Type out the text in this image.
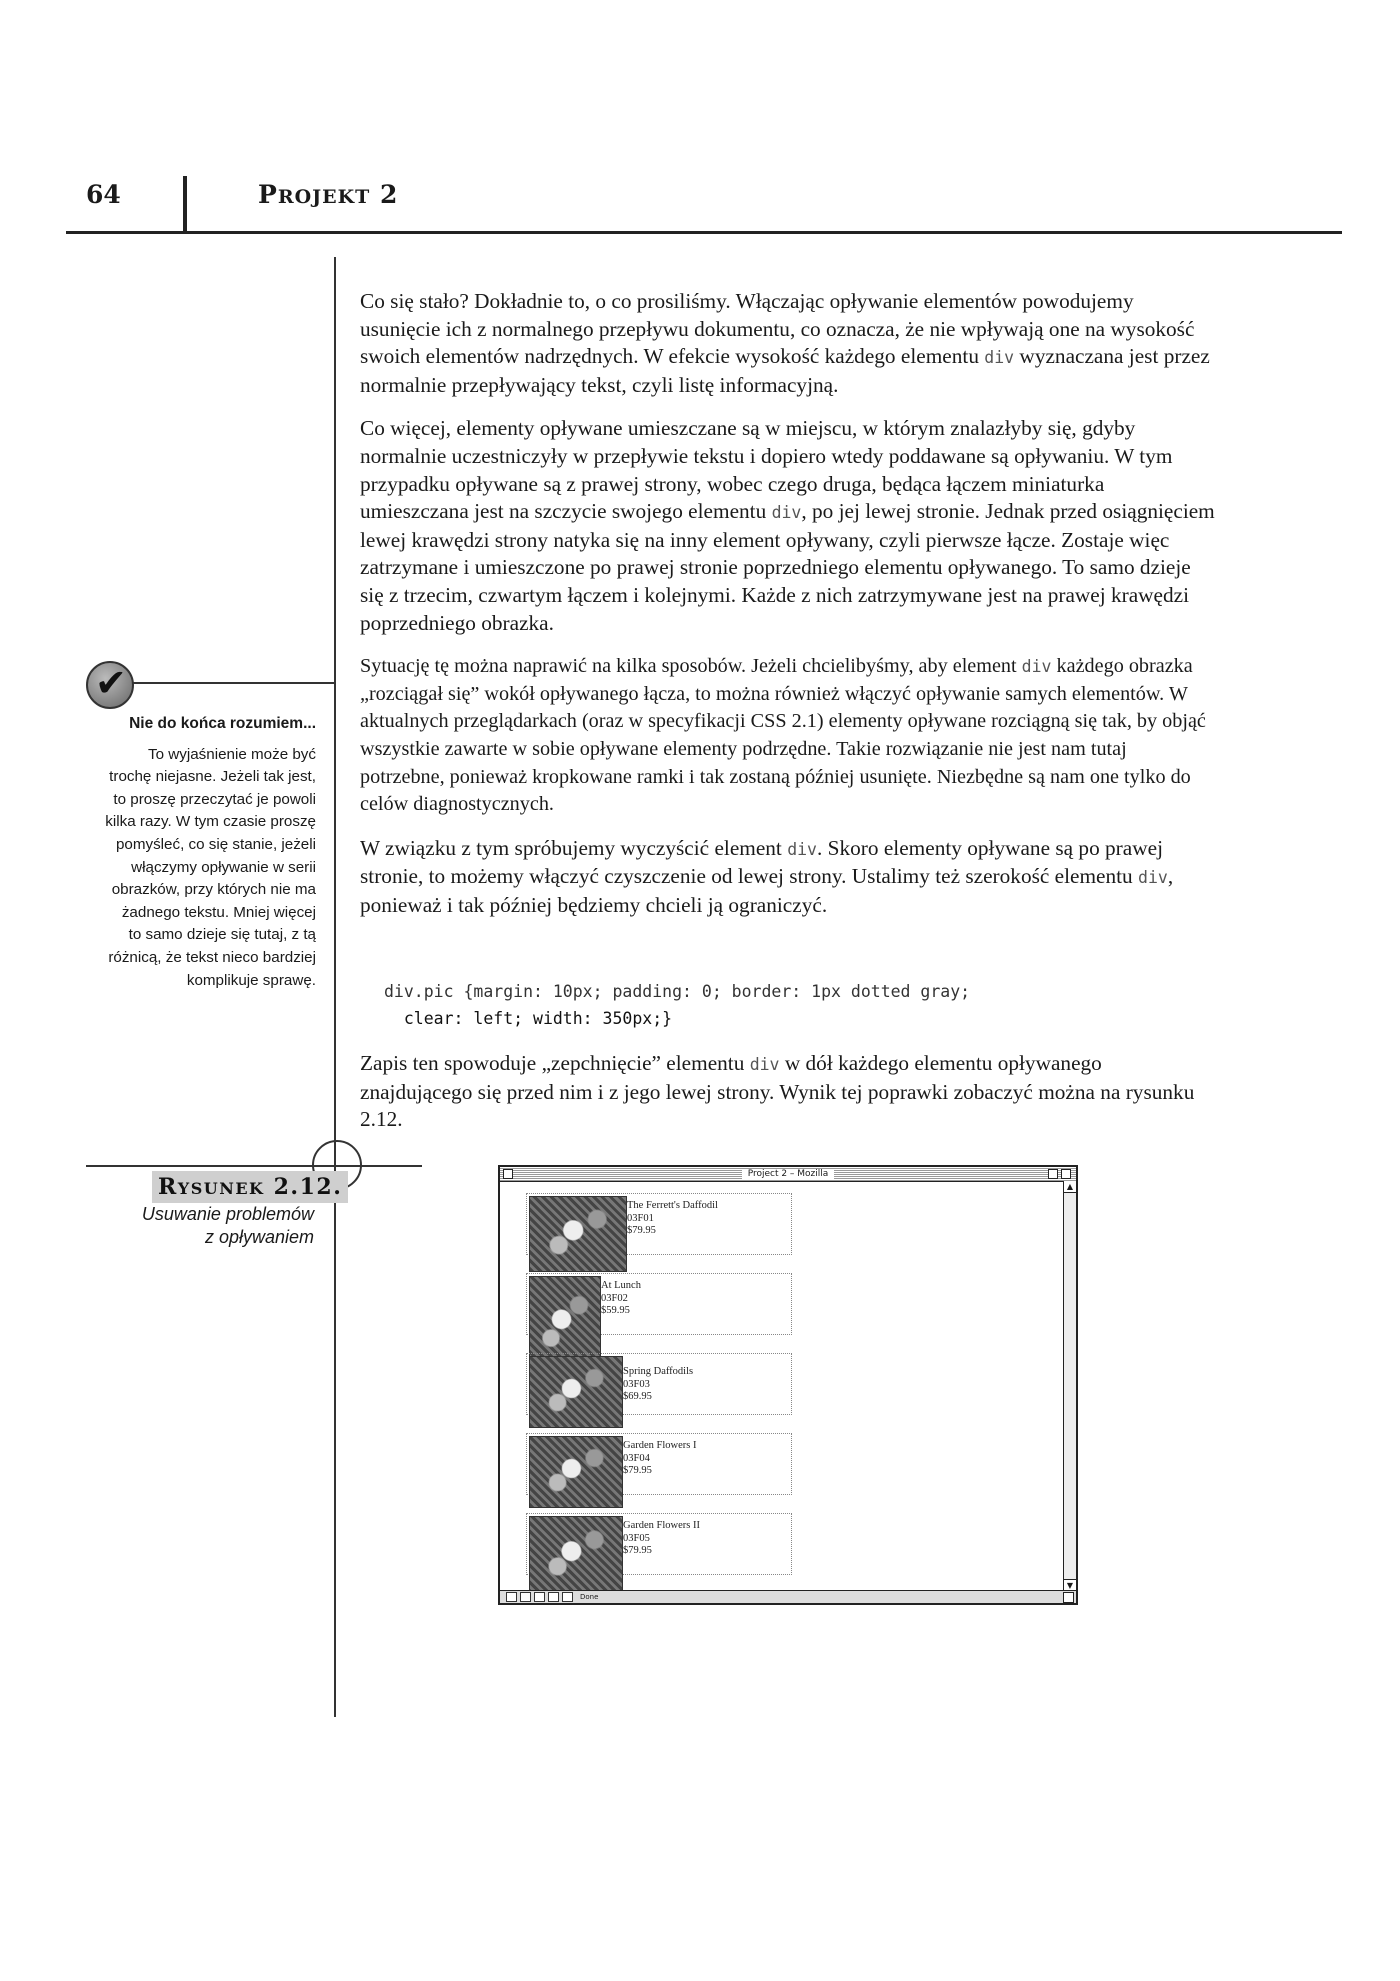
64	PROJEKT 2

Co się stało? Dokładnie to, o co prosiliśmy. Włączając opływanie elementów powodujemy usunięcie ich z normalnego przepływu dokumentu, co oznacza, że nie wpływają one na wysokość swoich elementów nadrzędnych. W efekcie wysokość każdego elementu div wyznaczana jest przez normalnie przepływający tekst, czyli listę informacyjną.

Co więcej, elementy opływane umieszczane są w miejscu, w którym znalazłyby się, gdyby normalnie uczestniczyły w przepływie tekstu i dopiero wtedy poddawane są opływaniu. W tym przypadku opływane są z prawej strony, wobec czego druga, będąca łączem miniaturka umieszczana jest na szczycie swojego elementu div, po jej lewej stronie. Jednak przed osiągnięciem lewej krawędzi strony natyka się na inny element opływany, czyli pierwsze łącze. Zostaje więc zatrzymane i umieszczone po prawej stronie poprzedniego elementu opływanego. To samo dzieje się z trzecim, czwartym łączem i kolejnymi. Każde z nich zatrzymywane jest na prawej krawędzi poprzedniego obrazka.

Sytuację tę można naprawić na kilka sposobów. Jeżeli chcielibyśmy, aby element div każdego obrazka „rozciągał się” wokół opływanego łącza, to można również włączyć opływanie samych elementów. W aktualnych przeglądarkach (oraz w specyfikacji CSS 2.1) elementy opływane rozciągną się tak, by objąć wszystkie zawarte w sobie opływane elementy podrzędne. Takie rozwiązanie nie jest nam tutaj potrzebne, ponieważ kropkowane ramki i tak zostaną później usunięte. Niezbędne są nam one tylko do celów diagnostycznych.

W związku z tym spróbujemy wyczyścić element div. Skoro elementy opływane są po prawej stronie, to możemy włączyć czyszczenie od lewej strony. Ustalimy też szerokość elementu div, ponieważ i tak później będziemy chcieli ją ograniczyć.

div.pic {margin: 10px; padding: 0; border: 1px dotted gray;
clear: left; width: 350px;}

Zapis ten spowoduje „zepchnięcie” elementu div w dół każdego elementu opływanego znajdującego się przed nim i z jego lewej strony. Wynik tej poprawki zobaczyć można na rysunku 2.12.

✔
Nie do końca rozumiem...
To wyjaśnienie może być
trochę niejasne. Jeżeli tak jest,
to proszę przeczytać je powoli
kilka razy. W tym czasie proszę
pomyśleć, co się stanie, jeżeli
włączymy opływanie w serii
obrazków, przy których nie ma
żadnego tekstu. Mniej więcej
to samo dzieje się tutaj, z tą
różnicą, że tekst nieco bardziej
komplikuje sprawę.
RYSUNEK 2.12.
Usuwanie problemów
z opływaniem
Project 2 – Mozilla
The Ferrett's Daffodil
03F01
$79.95
At Lunch
03F02
$59.95
Spring Daffodils
03F03
$69.95
Garden Flowers I
03F04
$79.95
Garden Flowers II
03F05
$79.95
▲
▼
Done
